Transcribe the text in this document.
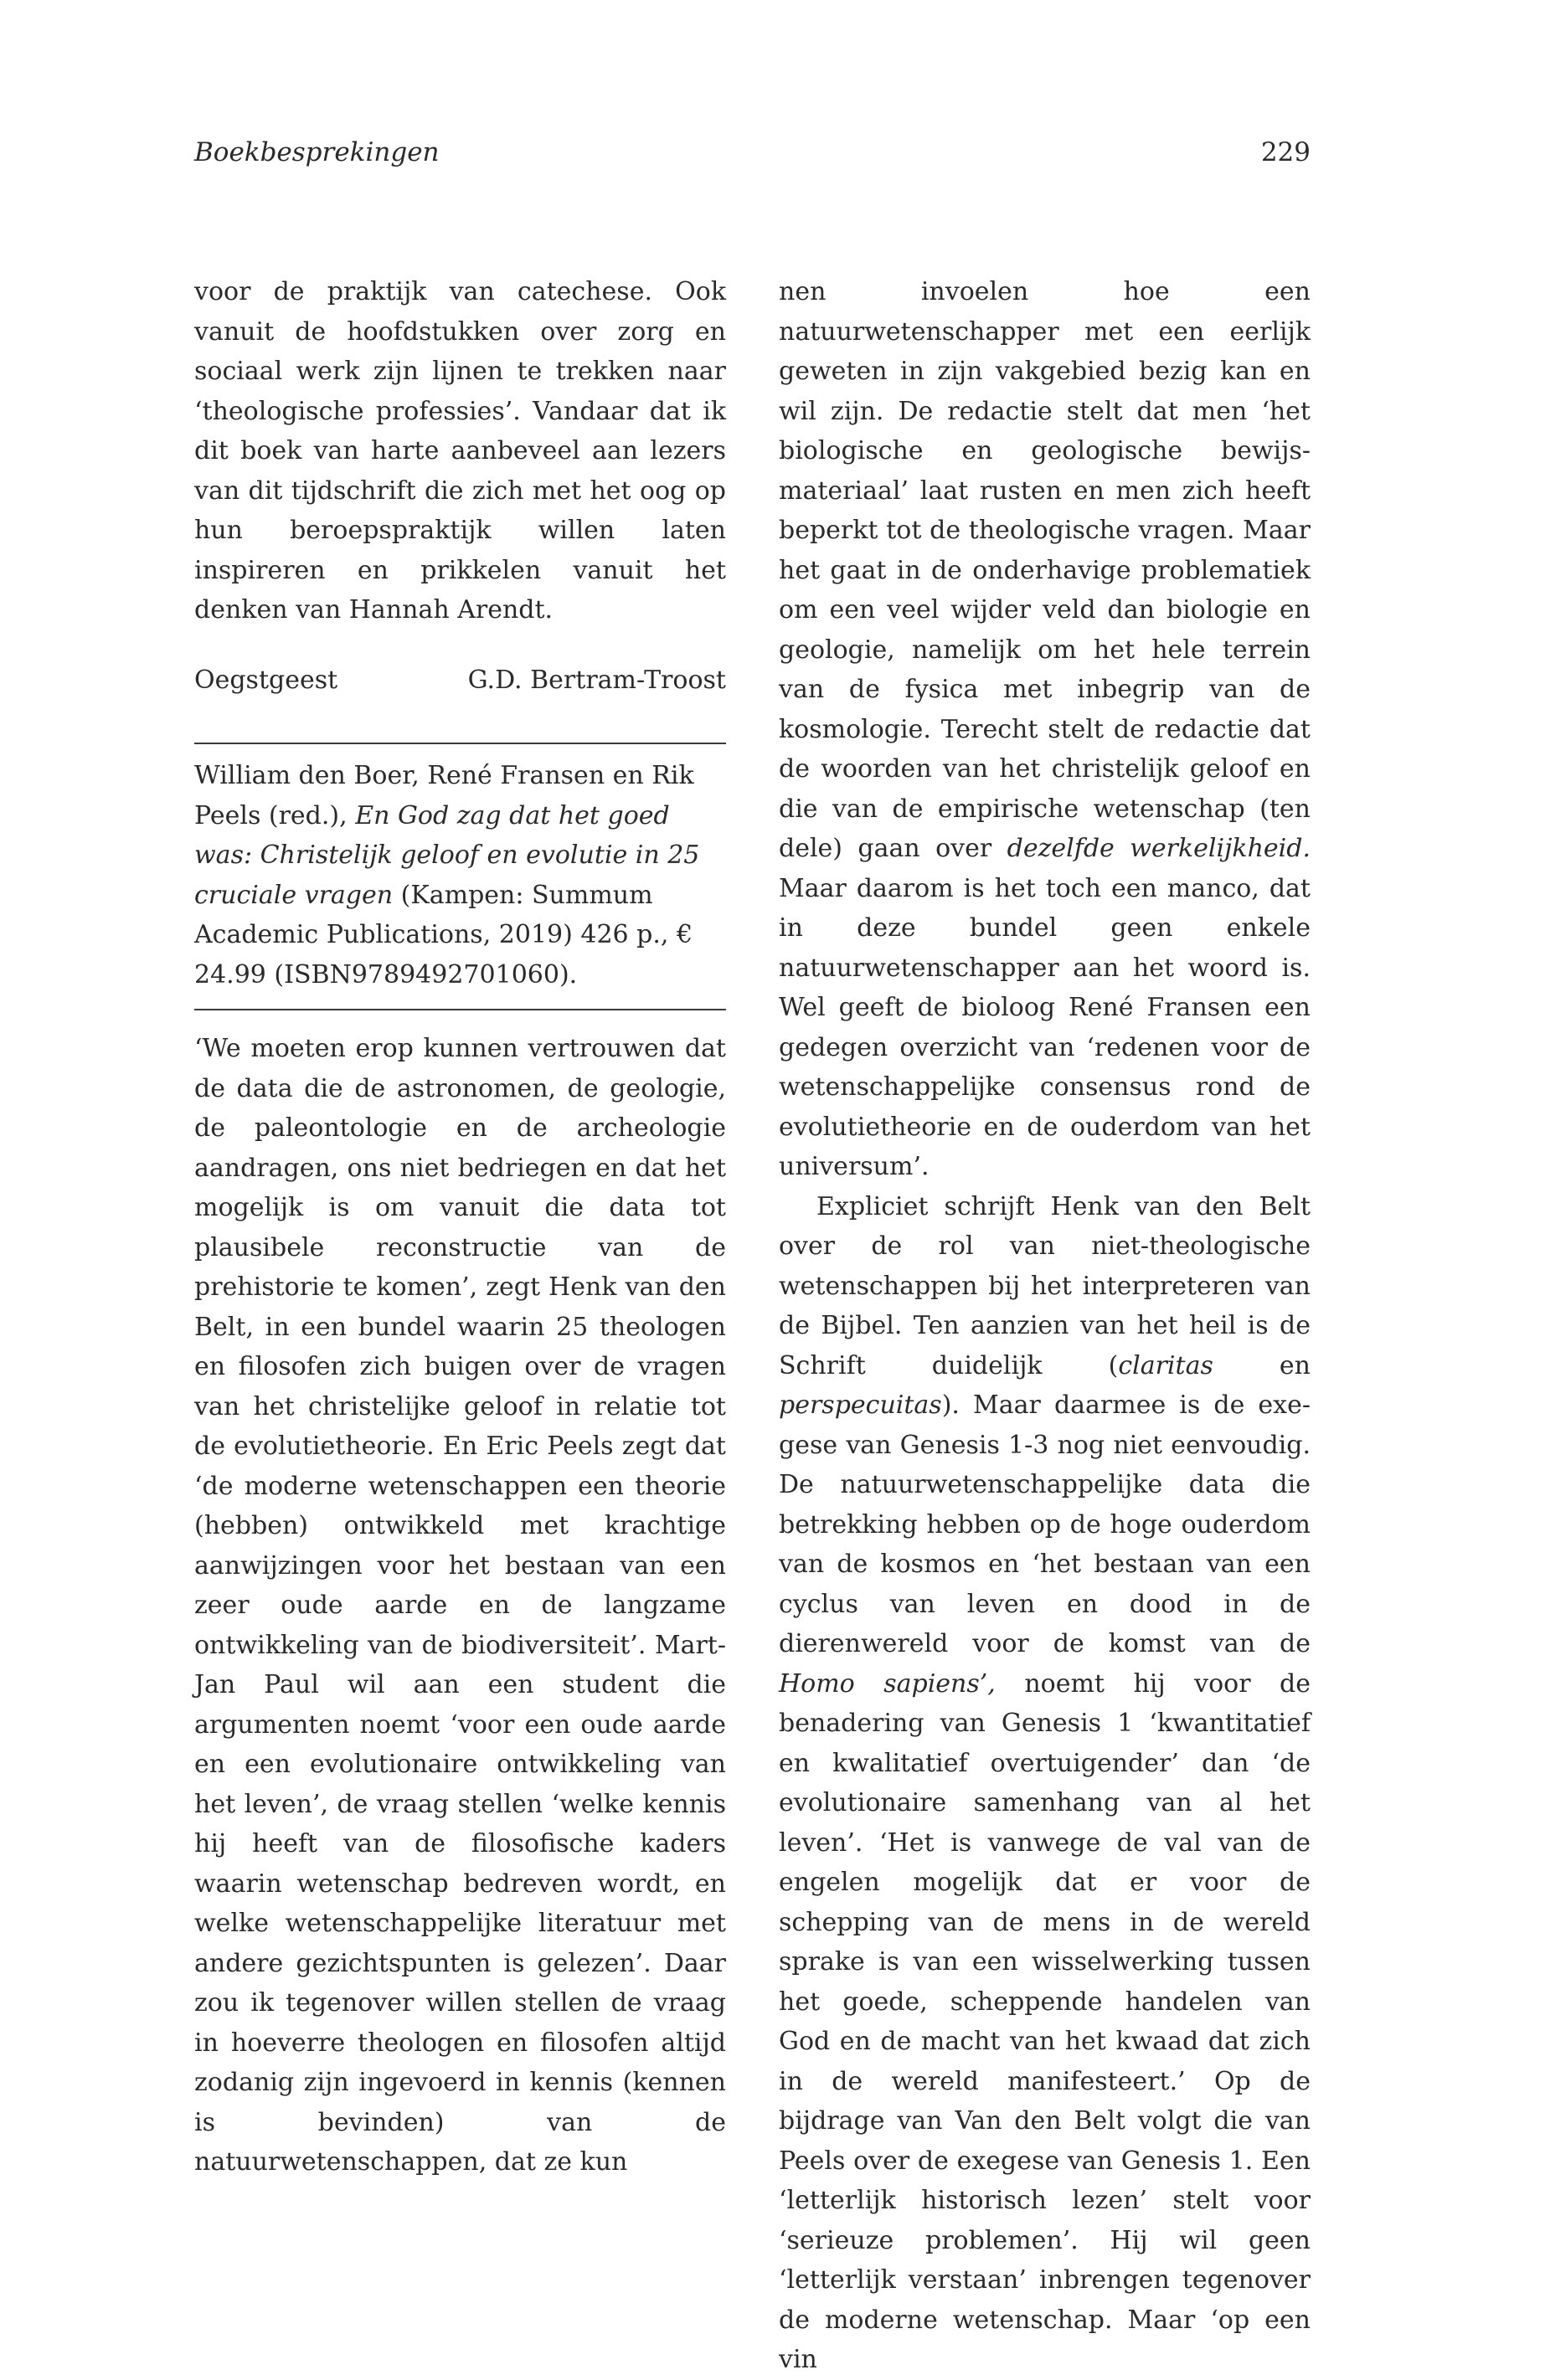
Boekbesprekingen	229

voor de praktijk van catechese. Ook vanuit de hoofdstukken over zorg en sociaal werk zijn lijnen te trekken naar ‘theologische professies’. Vandaar dat ik dit boek van harte aanbeveel aan lezers van dit tijdschrift die zich met het oog op hun beroepspraktijk willen laten inspireren en prikkelen vanuit het denken van Hannah Arendt.

Oegstgeest	G.D. Bertram-Troost

William den Boer, René Fransen en Rik Peels (red.), En God zag dat het goed was: Christelijk geloof en evolutie in 25 cruciale vragen (Kampen: Summum Academic Publications, 2019) 426 p., € 24.99 (ISBN9789492701060).

‘We moeten erop kunnen vertrouwen dat de data die de astronomen, de geologie, de paleontologie en de archeologie aandragen, ons niet bedriegen en dat het mogelijk is om vanuit die data tot plausibele reconstructie van de prehistorie te komen’, zegt Henk van den Belt, in een bundel waarin 25 theologen en filosofen zich buigen over de vragen van het christelijke geloof in relatie tot de evolutietheorie. En Eric Peels zegt dat ‘de moderne wetenschappen een theorie (hebben) ontwikkeld met krachtige aanwijzingen voor het bestaan van een zeer oude aarde en de langzame ontwikkeling van de biodiversiteit’. Mart-Jan Paul wil aan een student die argumenten noemt ‘voor een oude aarde en een evolutionaire ontwikkeling van het leven’, de vraag stellen ‘welke kennis hij heeft van de filosofische kaders waarin wetenschap bedreven wordt, en welke wetenschappelijke literatuur met andere gezichtspunten is gelezen’. Daar zou ik tegenover willen stellen de vraag in hoeverre theologen en filosofen altijd zodanig zijn ingevoerd in kennis (kennen is bevinden) van de natuurwetenschappen, dat ze kun

nen invoelen hoe een natuurwetenschapper met een eerlijk geweten in zijn vakgebied bezig kan en wil zijn. De redactie stelt dat men ‘het biologische en geologische bewijsmateriaal’ laat rusten en men zich heeft beperkt tot de theologische vragen. Maar het gaat in de onderhavige problematiek om een veel wijder veld dan biologie en geologie, namelijk om het hele terrein van de fysica met inbegrip van de kosmologie. Terecht stelt de redactie dat de woorden van het christelijk geloof en die van de empirische wetenschap (ten dele) gaan over dezelfde werkelijkheid. Maar daarom is het toch een manco, dat in deze bundel geen enkele natuurwetenschapper aan het woord is. Wel geeft de bioloog René Fransen een gedegen overzicht van ‘redenen voor de wetenschappelijke consensus rond de evolutietheorie en de ouderdom van het universum’.

Expliciet schrijft Henk van den Belt over de rol van niet-theologische wetenschappen bij het interpreteren van de Bijbel. Ten aanzien van het heil is de Schrift duidelijk (claritas en perspecuitas). Maar daarmee is de exegese van Genesis 1-3 nog niet eenvoudig. De natuurwetenschappelijke data die betrekking hebben op de hoge ouderdom van de kosmos en ‘het bestaan van een cyclus van leven en dood in de dierenwereld voor de komst van de Homo sapiens’, noemt hij voor de benadering van Genesis 1 ‘kwantitatief en kwalitatief overtuigender’ dan ‘de evolutionaire samenhang van al het leven’. ‘Het is vanwege de val van de engelen mogelijk dat er voor de schepping van de mens in de wereld sprake is van een wisselwerking tussen het goede, scheppende handelen van God en de macht van het kwaad dat zich in de wereld manifesteert.’ Op de bijdrage van Van den Belt volgt die van Peels over de exegese van Genesis 1. Een ‘letterlijk historisch lezen’ stelt voor ‘serieuze problemen’. Hij wil geen ‘letterlijk verstaan’ inbrengen tegenover de moderne wetenschap. Maar ‘op een vin
